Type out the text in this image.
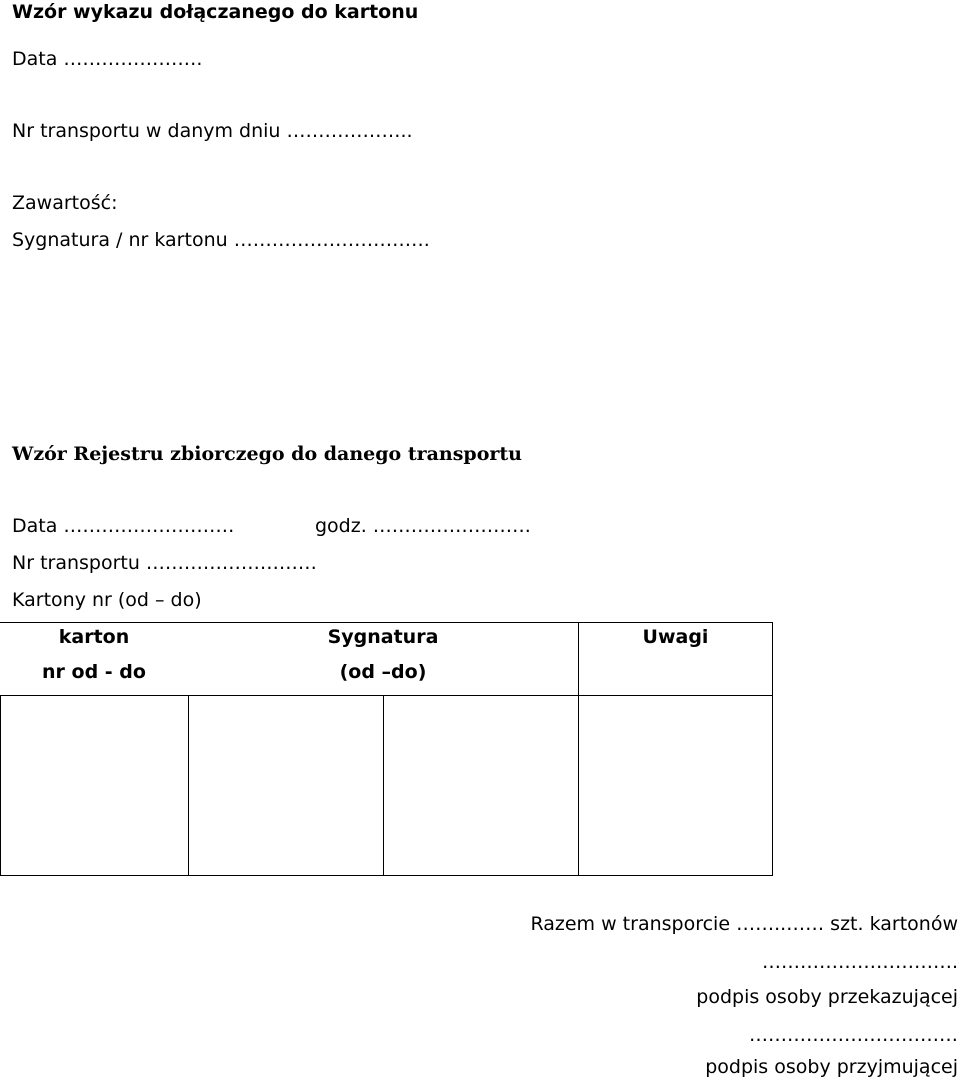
Wzór wykazu dołączanego do kartonu
Data ………………….
Nr transportu w danym dniu ………………..
Zawartość:
Sygnatura / nr kartonu ………………………….
Wzór Rejestru zbiorczego do danego transportu
Data ………………………	godz. …………………….
Nr transportu ………………………
Kartony nr (od – do)
karton
nr od - do
Sygnatura
(od –do)
Uwagi
Razem w transporcie ……..…… szt. kartonów
………………………….
podpis osoby przekazującej
……………………………
podpis osoby przyjmującej
